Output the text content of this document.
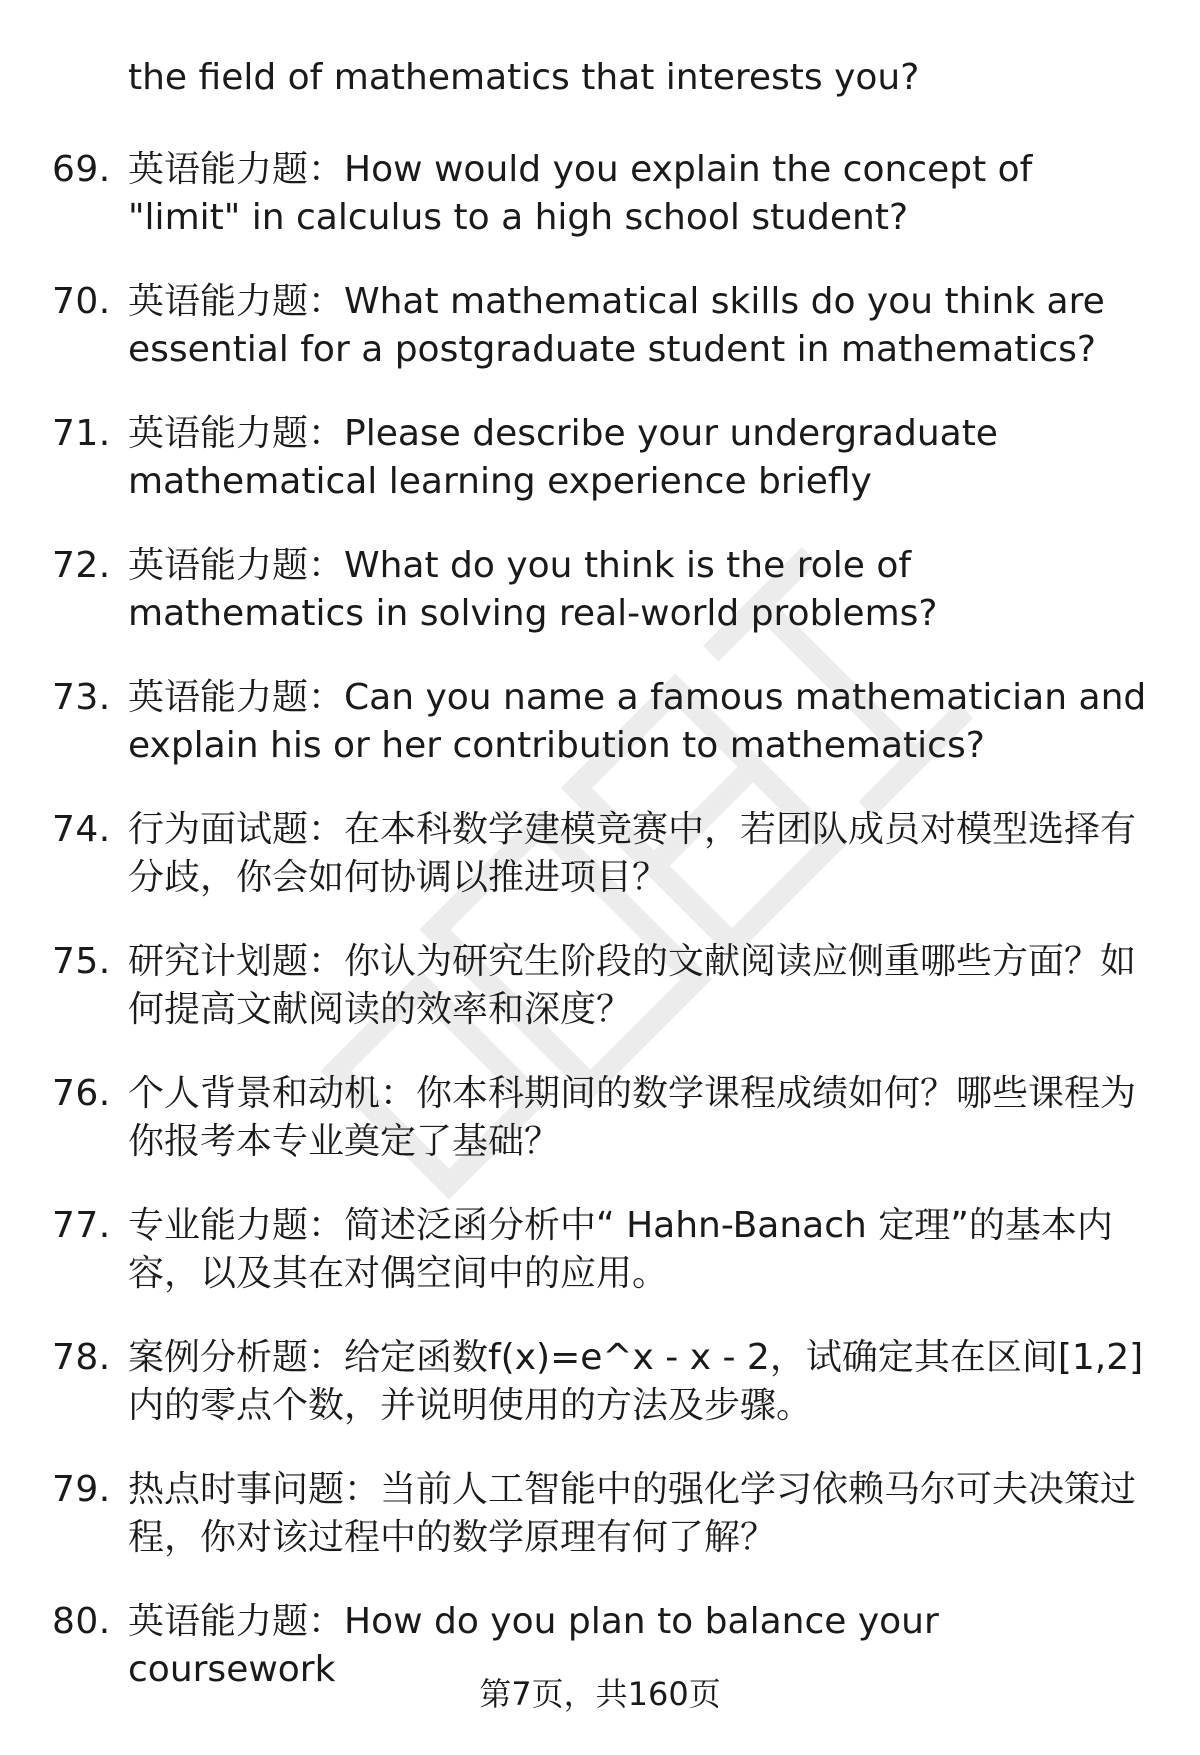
the field of mathematics that interests you?
69. 英语能力题：How would you explain the concept of "limit" in calculus to a high school student?
70. 英语能力题：What mathematical skills do you think are essential for a postgraduate student in mathematics?
71. 英语能力题：Please describe your undergraduate mathematical learning experience briefly
72. 英语能力题：What do you think is the role of mathematics in solving real-world problems?
73. 英语能力题：Can you name a famous mathematician and explain his or her contribution to mathematics?
74. 行为面试题：在本科数学建模竞赛中，若团队成员对模型选择有分歧，你会如何协调以推进项目？
75. 研究计划题：你认为研究生阶段的文献阅读应侧重哪些方面？如何提高文献阅读的效率和深度？
76. 个人背景和动机：你本科期间的数学课程成绩如何？哪些课程为你报考本专业奠定了基础？
77. 专业能力题：简述泛函分析中“ Hahn-Banach 定理”的基本内容，以及其在对偶空间中的应用。
78. 案例分析题：给定函数f(x)=e^x - x - 2，试确定其在区间[1,2]内的零点个数，并说明使用的方法及步骤。
79. 热点时事问题：当前人工智能中的强化学习依赖马尔可夫决策过程，你对该过程中的数学原理有何了解？
80. 英语能力题：How do you plan to balance your coursework
第7页，共160页
